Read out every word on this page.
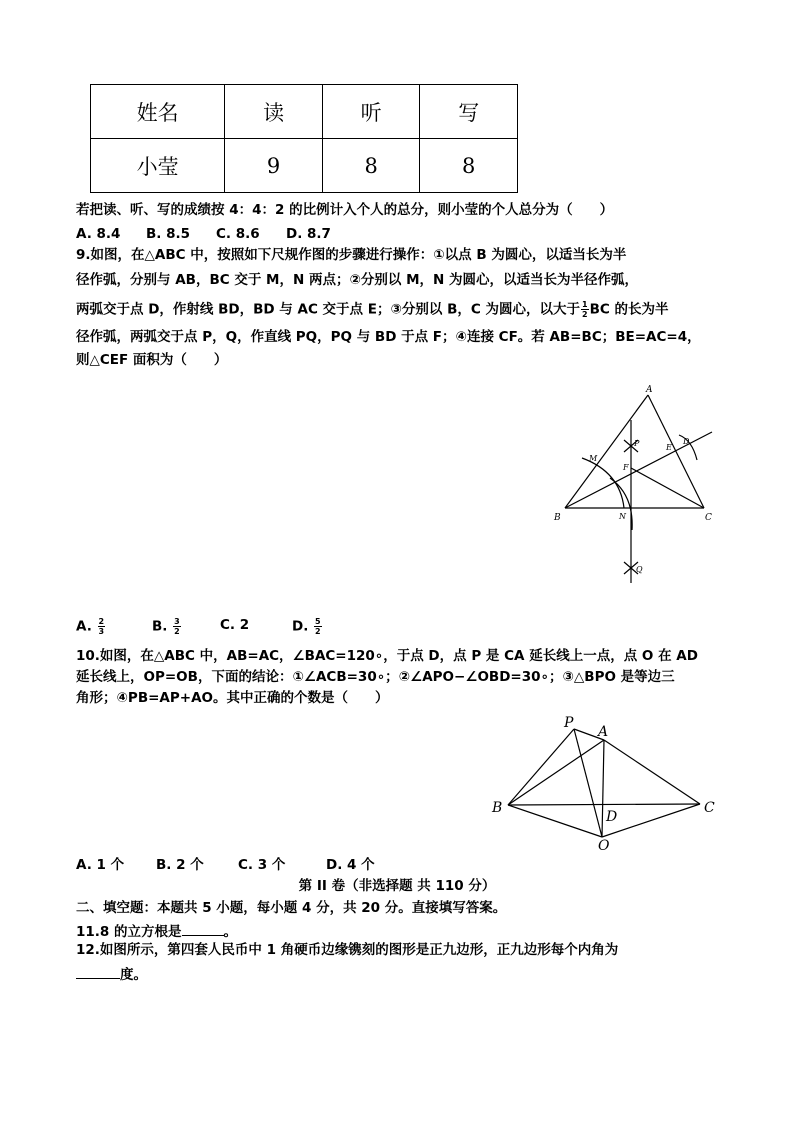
姓名	读	听	写
小莹	9	8	8
若把读、听、写的成绩按 4：4：2 的比例计入个人的总分，则小莹的个人总分为（　　）
A. 8.4 B. 8.5 C. 8.6 D. 8.7
9.如图，在△ABC 中，按照如下尺规作图的步骤进行操作：①以点 B 为圆心，以适当长为半
径作弧，分别与 AB，BC 交于 M，N 两点；②分别以 M，N 为圆心，以适当长为半径作弧，
两弧交于点 D，作射线 BD，BD 与 AC 交于点 E；③分别以 B，C 为圆心，以大于 $\frac{1}{2}$ BC 的长为半
径作弧，两弧交于点 P，Q，作直线 PQ，PQ 与 BD 于点 F；④连接 CF。若 AB=BC；BE=AC=4，
则△CEF 面积为（　　）
A
B	C
D
E
F
M
N
P
Q
A. $\frac{2}{3}$	B. $\frac{3}{2}$	C. 2	D. $\frac{5}{2}$
10.如图，在△ABC 中，AB=AC，∠BAC=120∘，于点 D，点 P 是 CA 延长线上一点，点 O 在 AD
延长线上，OP=OB，下面的结论：①∠ACB=30∘；②∠APO−∠OBD=30∘；③△BPO 是等边三
角形；④PB=AP+AO。其中正确的个数是（　　）
P
A
B	C
D
O
A. 1 个 B. 2 个	C. 3 个	D. 4 个
第 II 卷（非选择题 共 110 分）
二、填空题：本题共 5 小题，每小题 4 分，共 20 分。直接填写答案。
11.8 的立方根是	。
12.如图所示，第四套人民币中 1 角硬币边缘镌刻的图形是正九边形，正九边形每个内角为
度。
